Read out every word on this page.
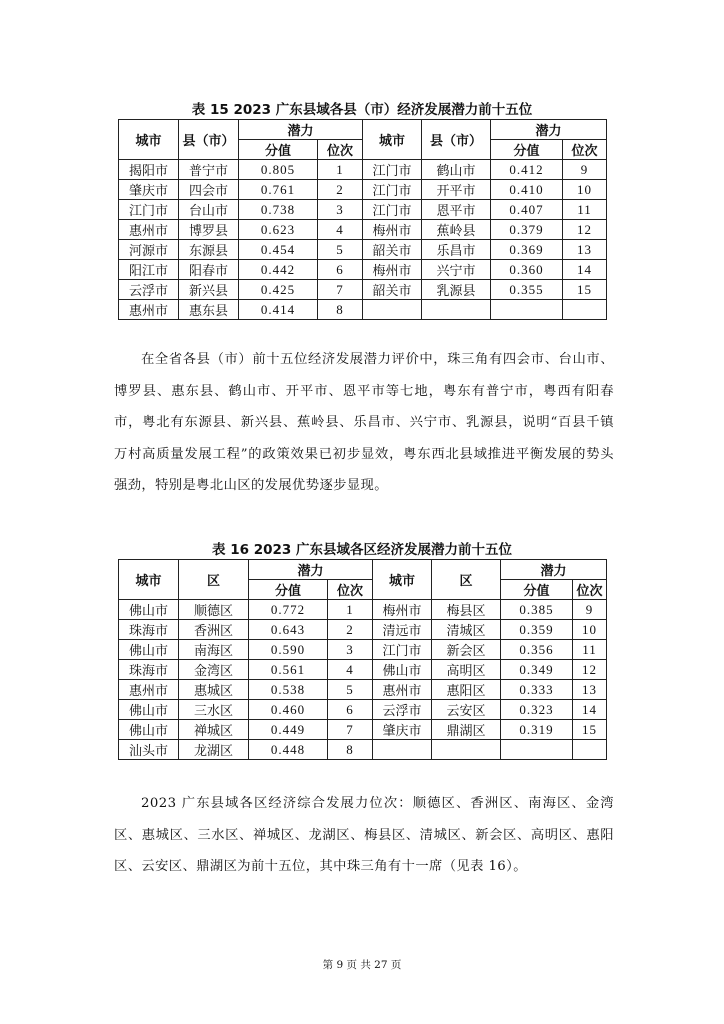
表 15 2023 广东县域各县（市）经济发展潜力前十五位
城市	县（市）	潜力		城市	县（市）	潜力	
		分值	位次			分值	位次
揭阳市	普宁市	0.805	1	江门市	鹤山市	0.412	9
肇庆市	四会市	0.761	2	江门市	开平市	0.410	10
江门市	台山市	0.738	3	江门市	恩平市	0.407	11
惠州市	博罗县	0.623	4	梅州市	蕉岭县	0.379	12
河源市	东源县	0.454	5	韶关市	乐昌市	0.369	13
阳江市	阳春市	0.442	6	梅州市	兴宁市	0.360	14
云浮市	新兴县	0.425	7	韶关市	乳源县	0.355	15
惠州市	惠东县	0.414	8				

在全省各县（市）前十五位经济发展潜力评价中，珠三角有四会市、台山市、博罗县、惠东县、鹤山市、开平市、恩平市等七地，粤东有普宁市，粤西有阳春市，粤北有东源县、新兴县、蕉岭县、乐昌市、兴宁市、乳源县，说明“百县千镇万村高质量发展工程”的政策效果已初步显效，粤东西北县域推进平衡发展的势头强劲，特别是粤北山区的发展优势逐步显现。

表 16 2023 广东县域各区经济发展潜力前十五位
城市	区	潜力		城市	区	潜力	
		分值	位次			分值	位次
佛山市	顺德区	0.772	1	梅州市	梅县区	0.385	9
珠海市	香洲区	0.643	2	清远市	清城区	0.359	10
佛山市	南海区	0.590	3	江门市	新会区	0.356	11
珠海市	金湾区	0.561	4	佛山市	高明区	0.349	12
惠州市	惠城区	0.538	5	惠州市	惠阳区	0.333	13
佛山市	三水区	0.460	6	云浮市	云安区	0.323	14
佛山市	禅城区	0.449	7	肇庆市	鼎湖区	0.319	15
汕头市	龙湖区	0.448	8				

2023 广东县域各区经济综合发展力位次：顺德区、香洲区、南海区、金湾区、惠城区、三水区、禅城区、龙湖区、梅县区、清城区、新会区、高明区、惠阳区、云安区、鼎湖区为前十五位，其中珠三角有十一席（见表 16）。

第 9 页 共 27 页
